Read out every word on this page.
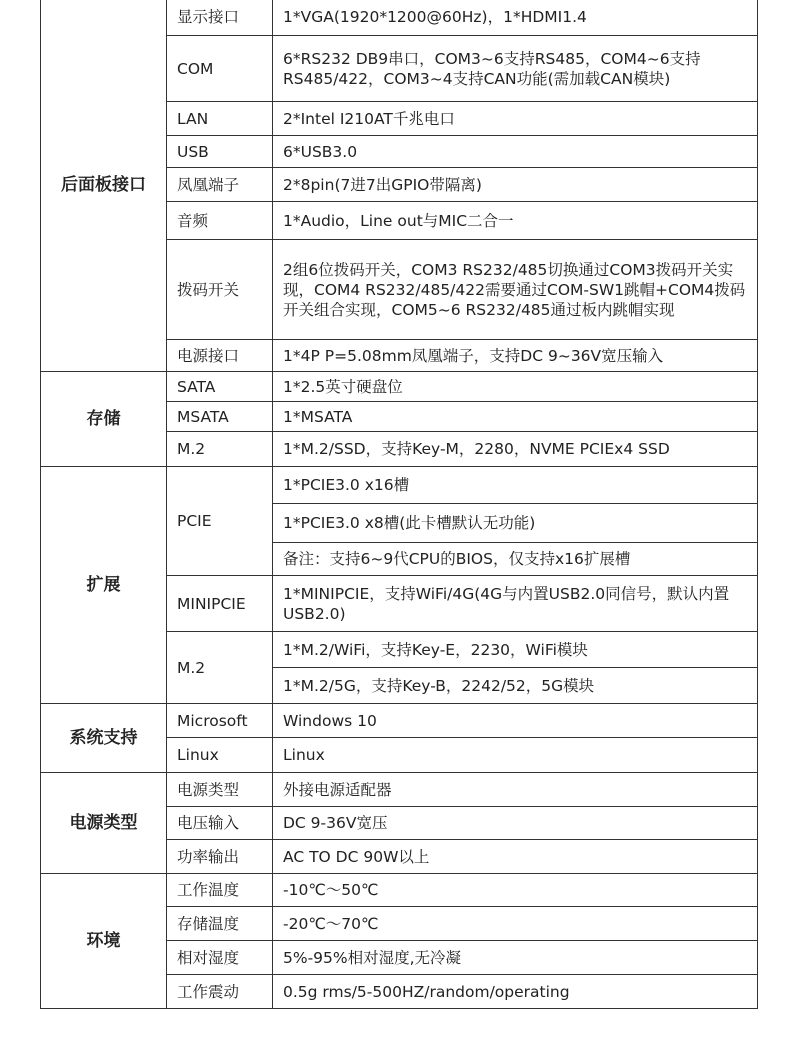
后面板接口	显示接口	1*VGA(1920*1200@60Hz)，1*HDMI1.4
	COM	6*RS232 DB9串口，COM3~6支持RS485，COM4~6支持RS485/422，COM3~4支持CAN功能(需加载CAN模块)
	LAN	2*Intel I210AT千兆电口
	USB	6*USB3.0
	凤凰端子	2*8pin(7进7出GPIO带隔离)
	音频	1*Audio，Line out与MIC二合一
	拨码开关	2组6位拨码开关，COM3 RS232/485切换通过COM3拨码开关实现，COM4 RS232/485/422需要通过COM-SW1跳帽+COM4拨码开关组合实现，COM5~6 RS232/485通过板内跳帽实现
	电源接口	1*4P P=5.08mm凤凰端子，支持DC 9~36V宽压输入
存储	SATA	1*2.5英寸硬盘位
	MSATA	1*MSATA
	M.2	1*M.2/SSD，支持Key-M，2280，NVME PCIEx4 SSD
扩展	PCIE	1*PCIE3.0 x16槽
		1*PCIE3.0 x8槽(此卡槽默认无功能)
		备注：支持6~9代CPU的BIOS，仅支持x16扩展槽
	MINIPCIE	1*MINIPCIE，支持WiFi/4G(4G与内置USB2.0同信号，默认内置USB2.0)
	M.2	1*M.2/WiFi，支持Key-E，2230，WiFi模块
		1*M.2/5G，支持Key-B，2242/52，5G模块
系统支持	Microsoft	Windows 10
	Linux	Linux
电源类型	电源类型	外接电源适配器
	电压输入	DC 9-36V宽压
	功率输出	AC TO DC 90W以上
环境	工作温度	-10℃～50℃
	存储温度	-20℃～70℃
	相对湿度	5%-95%相对湿度,无冷凝
	工作震动	0.5g rms/5-500HZ/random/operating
